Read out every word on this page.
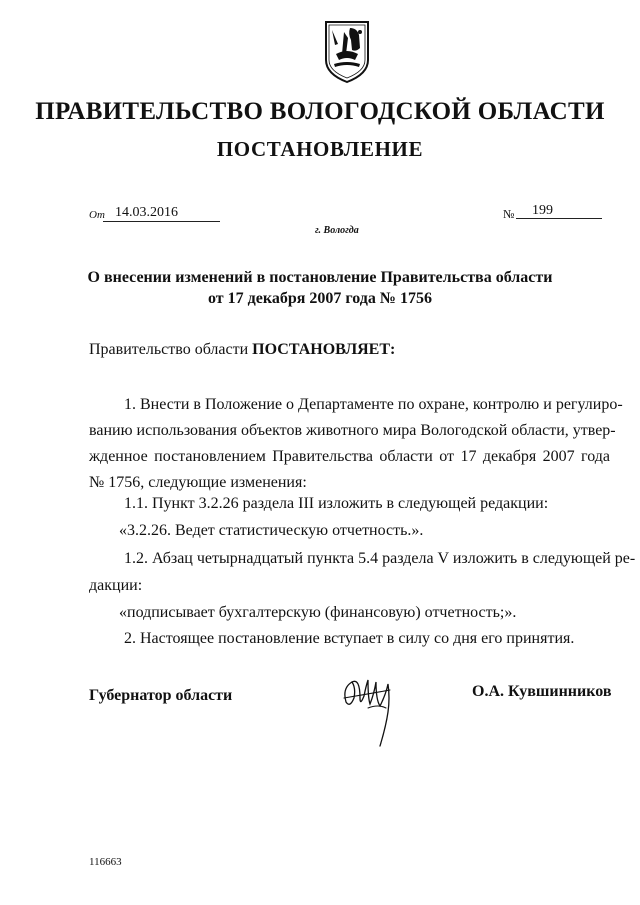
ПРАВИТЕЛЬСТВО ВОЛОГОДСКОЙ ОБЛАСТИ
ПОСТАНОВЛЕНИЕ
От 14.03.2016	№ 199
г. Вологда
О внесении изменений в постановление Правительства области
от 17 декабря 2007 года № 1756
Правительство области ПОСТАНОВЛЯЕТ:
1. Внести в Положение о Департаменте по охране, контролю и регулиро-
ванию использования объектов животного мира Вологодской области, утвер-
жденное постановлением Правительства области от 17 декабря 2007 года
№ 1756, следующие изменения:
1.1. Пункт 3.2.26 раздела III изложить в следующей редакции:
«3.2.26. Ведет статистическую отчетность.».
1.2. Абзац четырнадцатый пункта 5.4 раздела V изложить в следующей ре-
дакции:
«подписывает бухгалтерскую (финансовую) отчетность;».
2. Настоящее постановление вступает в силу со дня его принятия.
Губернатор области	О.А. Кувшинников
116663
